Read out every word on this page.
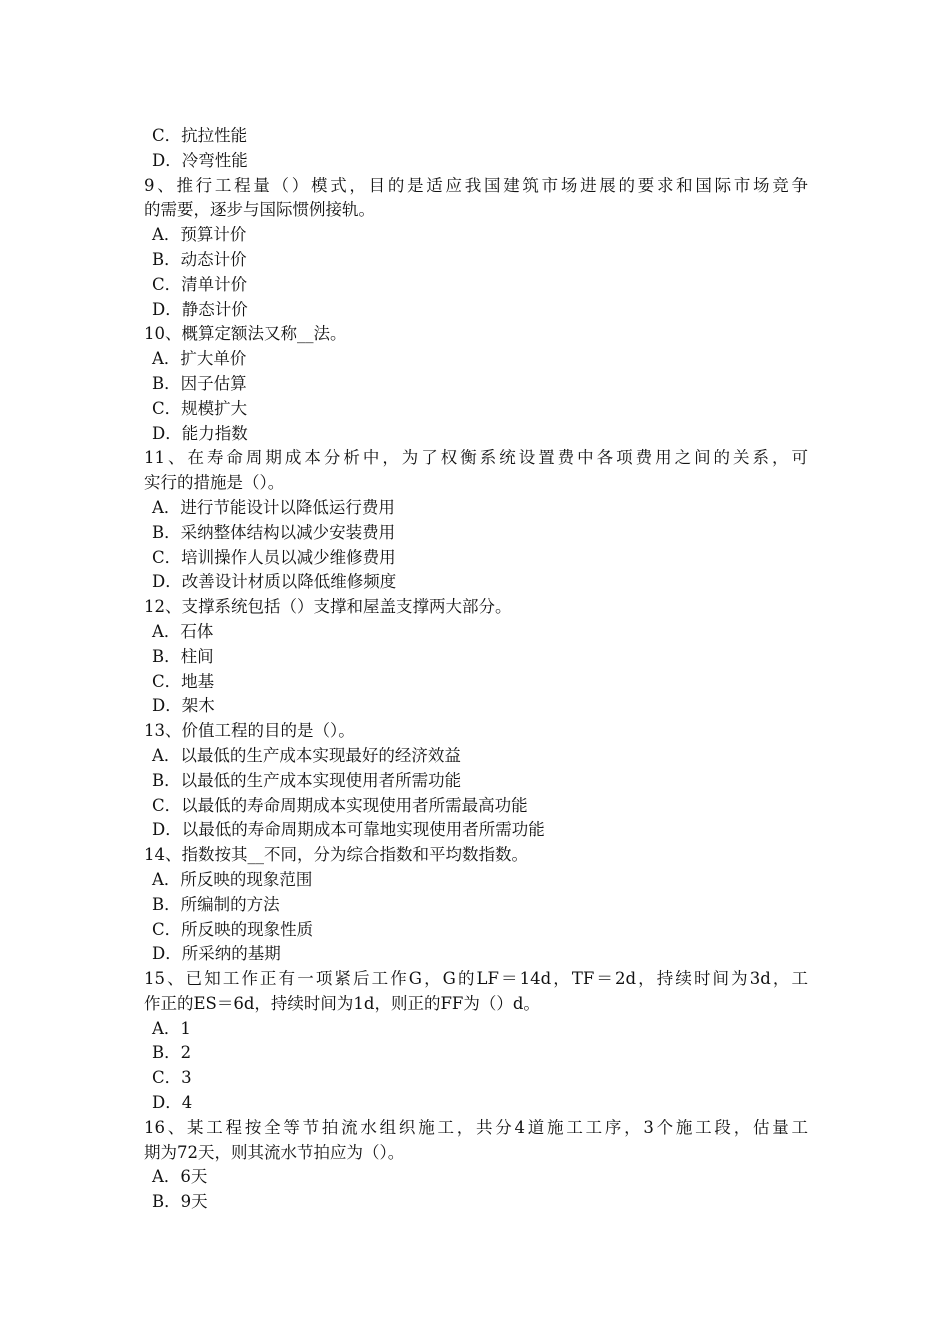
C．抗拉性能
D．冷弯性能
9、推行工程量（）模式，目的是适应我国建筑市场进展的要求和国际市场竞争
的需要，逐步与国际惯例接轨。
A．预算计价
B．动态计价
C．清单计价
D．静态计价
10、概算定额法又称__法。
A．扩大单价
B．因子估算
C．规模扩大
D．能力指数
11、在寿命周期成本分析中，为了权衡系统设置费中各项费用之间的关系，可
实行的措施是（）。
A．进行节能设计以降低运行费用
B．采纳整体结构以减少安装费用
C．培训操作人员以减少维修费用
D．改善设计材质以降低维修频度
12、支撑系统包括（）支撑和屋盖支撑两大部分。
A．石体
B．柱间
C．地基
D．架木
13、价值工程的目的是（）。
A．以最低的生产成本实现最好的经济效益
B．以最低的生产成本实现使用者所需功能
C．以最低的寿命周期成本实现使用者所需最高功能
D．以最低的寿命周期成本可靠地实现使用者所需功能
14、指数按其__不同，分为综合指数和平均数指数。
A．所反映的现象范围
B．所编制的方法
C．所反映的现象性质
D．所采纳的基期
15、已知工作正有一项紧后工作G，G的LF＝14d，TF＝2d，持续时间为3d，工
作正的ES＝6d，持续时间为1d，则正的FF为（）d。
A．1
B．2
C．3
D．4
16、某工程按全等节拍流水组织施工，共分4道施工工序，3个施工段，估量工
期为72天，则其流水节拍应为（）。
A．6天
B．9天
